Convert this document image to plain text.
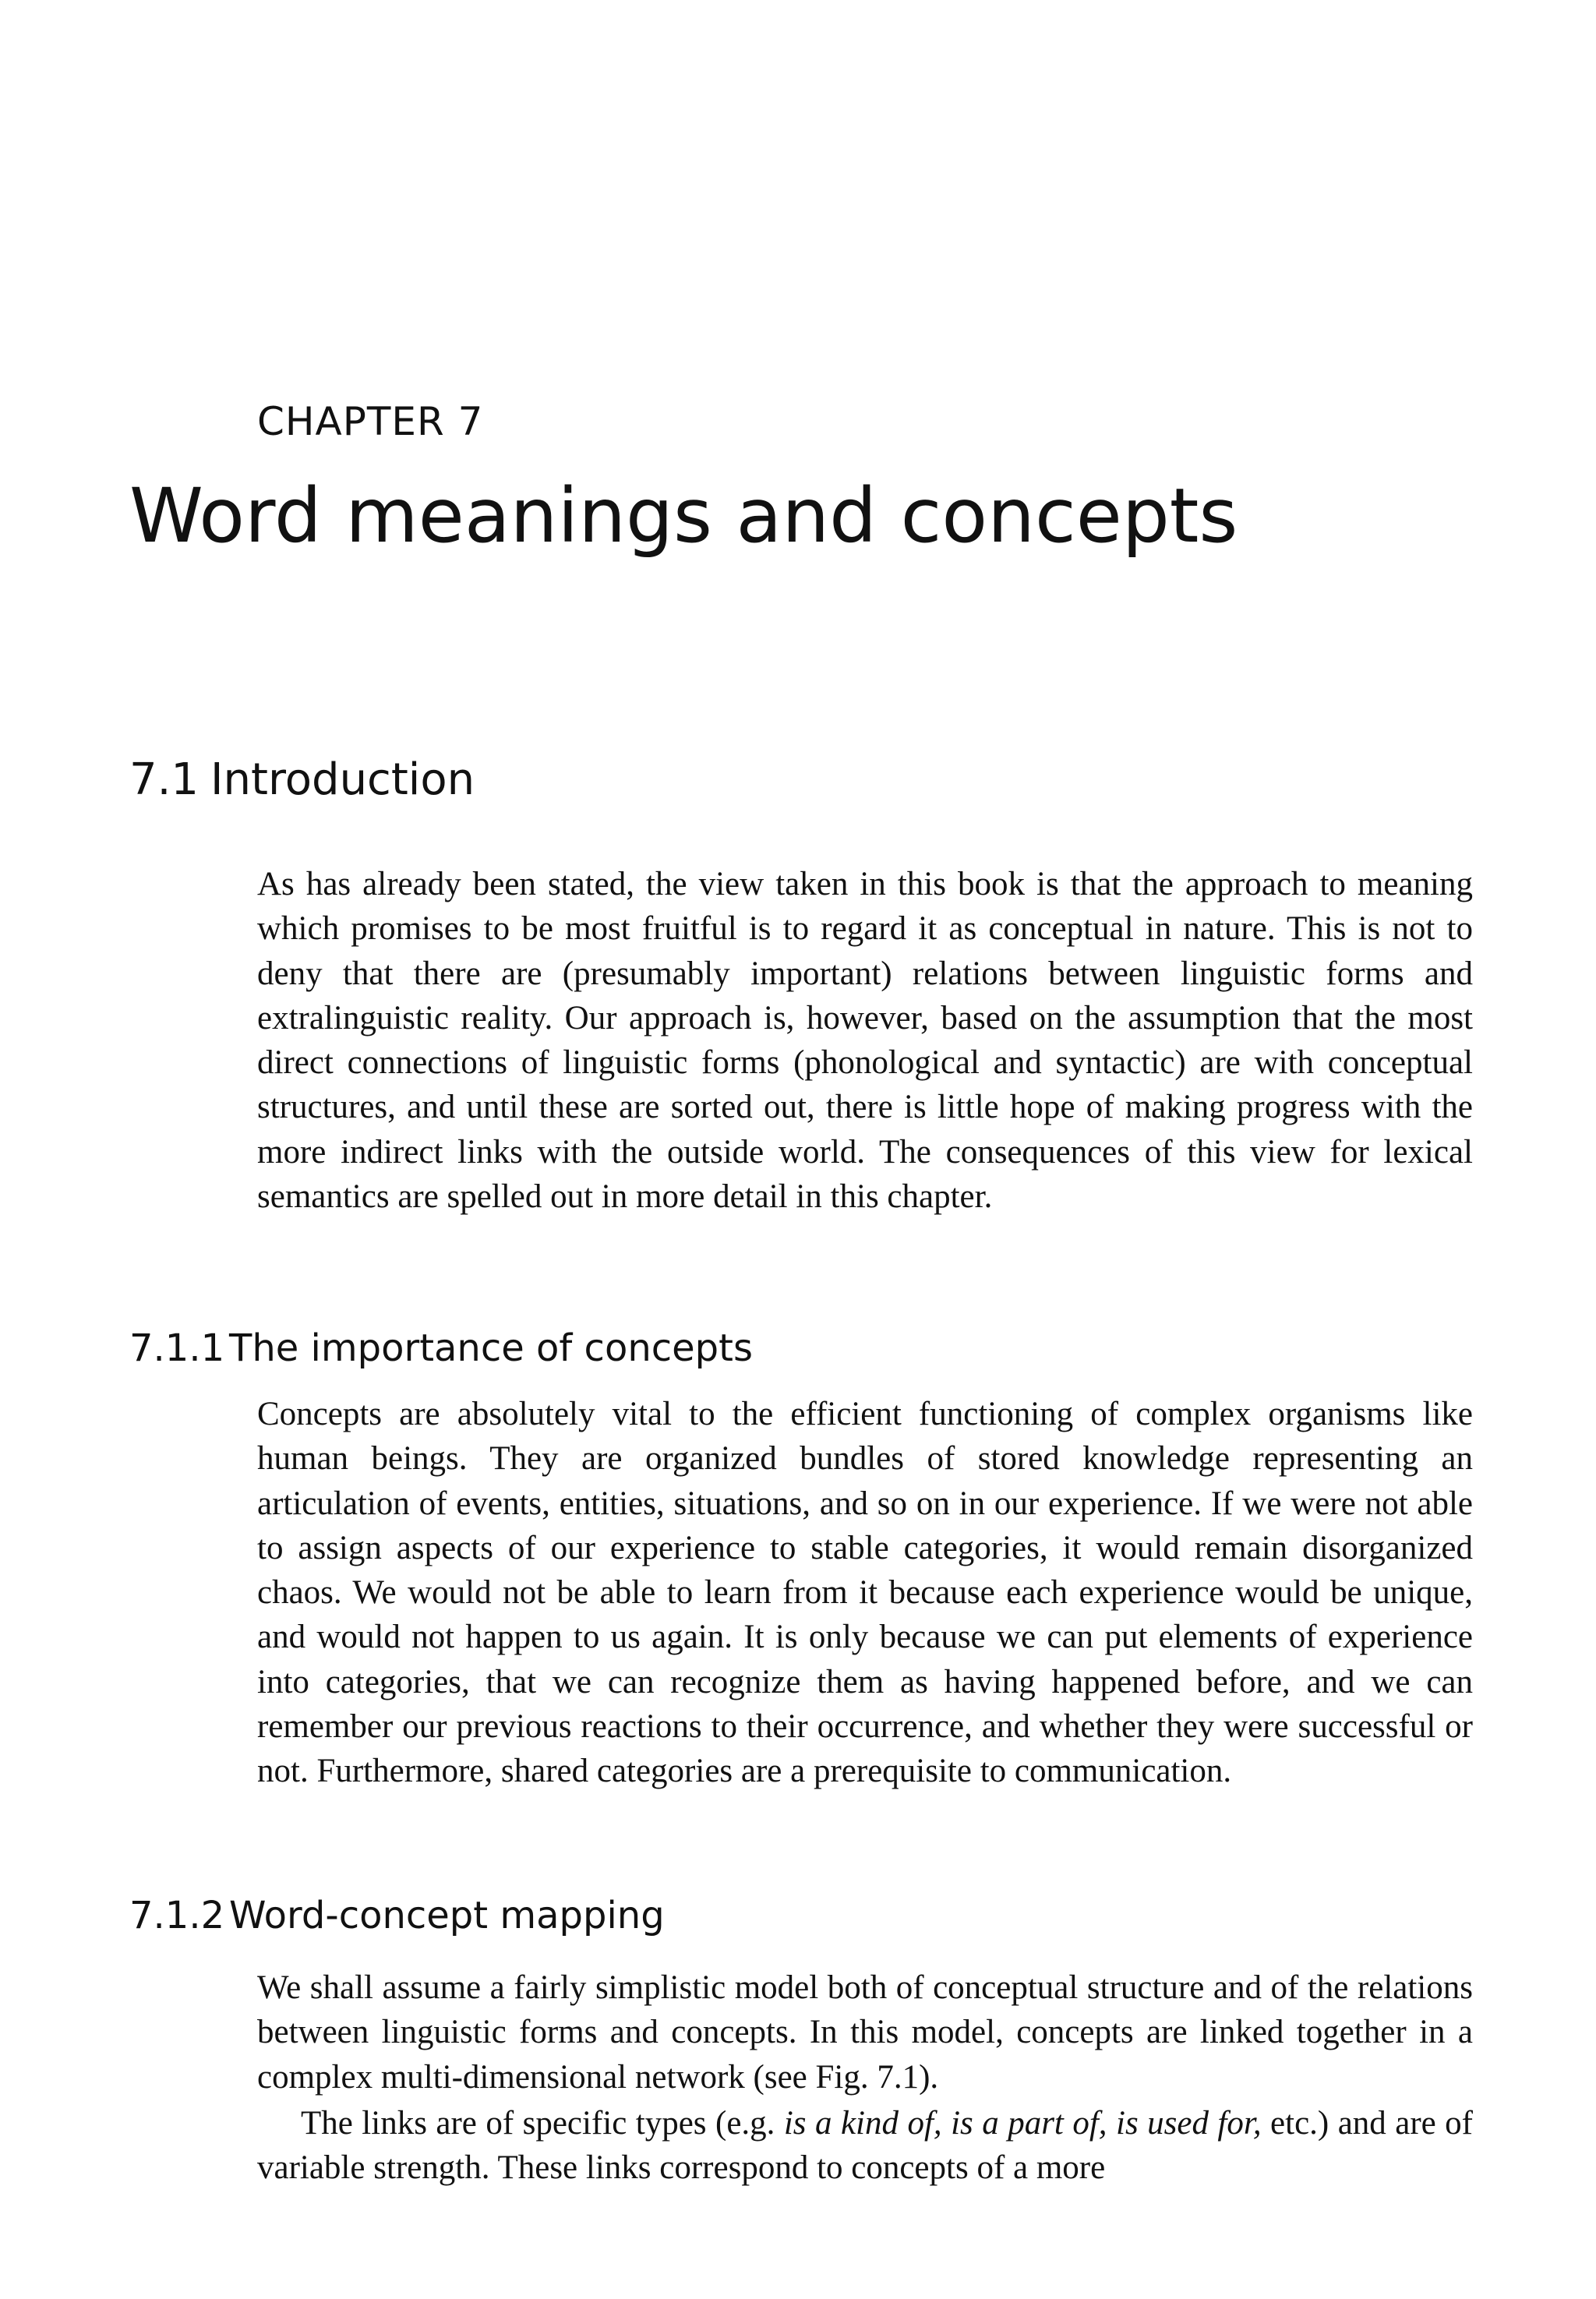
CHAPTER 7

Word meanings and concepts
7.1 Introduction

As has already been stated, the view taken in this book is that the approach to meaning which promises to be most fruitful is to regard it as conceptual in nature. This is not to deny that there are (presumably important) relations between linguistic forms and extralinguistic reality. Our approach is, however, based on the assumption that the most direct connections of linguistic forms (phonological and syntactic) are with conceptual structures, and until these are sorted out, there is little hope of making progress with the more indirect links with the outside world. The consequences of this view for lexical semantics are spelled out in more detail in this chapter.

7.1.1 The importance of concepts

Concepts are absolutely vital to the efficient functioning of complex organisms like human beings. They are organized bundles of stored knowledge representing an articulation of events, entities, situations, and so on in our experience. If we were not able to assign aspects of our experience to stable categories, it would remain disorganized chaos. We would not be able to learn from it because each experience would be unique, and would not happen to us again. It is only because we can put elements of experience into categories, that we can recognize them as having happened before, and we can remember our previous reactions to their occurrence, and whether they were successful or not. Furthermore, shared categories are a prerequisite to communication.

7.1.2 Word-concept mapping

We shall assume a fairly simplistic model both of conceptual structure and of the relations between linguistic forms and concepts. In this model, concepts are linked together in a complex multi-dimensional network (see Fig. 7.1).

The links are of specific types (e.g. is a kind of, is a part of, is used for, etc.) and are of variable strength. These links correspond to concepts of a more
